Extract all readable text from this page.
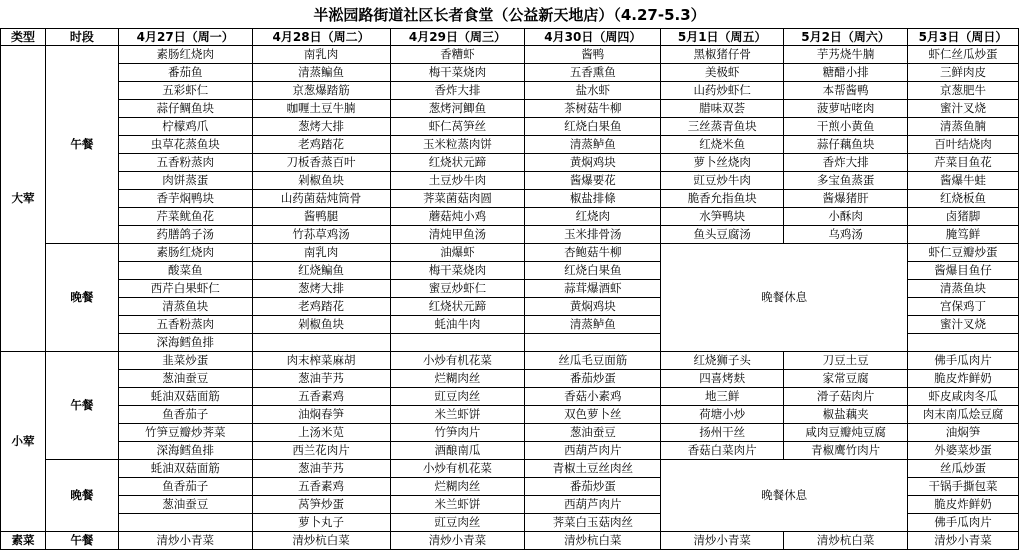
半淞园路街道社区长者食堂（公益新天地店）（4.27-5.3）
类型	时段	4月27日（周一）	4月28日（周二）	4月29日（周三）	4月30日（周四）	5月1日（周五）	5月2日（周六）	5月3日（周日）
大荤	午餐	素肠红烧肉	南乳肉	香糟虾	酱鸭	黑椒猪仔骨	芋艿烧牛腩	虾仁丝瓜炒蛋
		番茄鱼	清蒸鳊鱼	梅干菜烧肉	五香熏鱼	美极虾	糖醋小排	三鲜肉皮
		五彩虾仁	京葱爆踏筋	香炸大排	盐水虾	山药炒虾仁	本帮酱鸭	京葱肥牛
		蒜仔鲷鱼块	咖喱土豆牛腩	葱烤河鲫鱼	茶树菇牛柳	腊味双荟	菠萝咕咾肉	蜜汁叉烧
		柠檬鸡爪	葱烤大排	虾仁莴笋丝	红烧白果鱼	三丝蒸青鱼块	干煎小黄鱼	清蒸鱼腩
		虫草花蒸鱼块	老鸡踏花	玉米粒蒸肉饼	清蒸鲈鱼	红烧米鱼	蒜仔藕鱼块	百叶结烧肉
		五香粉蒸肉	刀板香蒸百叶	红烧状元蹄	黄焖鸡块	萝卜丝烧肉	香炸大排	芹菜目鱼花
		肉饼蒸蛋	剁椒鱼块	土豆炒牛肉	酱爆要花	豇豆炒牛肉	多宝鱼蒸蛋	酱爆牛蛙
		香芋焖鸭块	山药菌菇炖筒骨	荠菜菌菇肉圆	椒盐排條	脆香允指鱼块	酱爆猪肝	红烧板鱼
		芹菜鱿鱼花	酱鸭腿	蘑菇炖小鸡	红烧肉	水笋鸭块	小酥肉	卤猪脚
		药膳鸽子汤	竹荪草鸡汤	清炖甲鱼汤	玉米排骨汤	鱼头豆腐汤	乌鸡汤	腌笃鲜
	晚餐	素肠红烧肉	南乳肉	油爆虾	杏鲍菇牛柳	晚餐休息		虾仁豆瓣炒蛋
		酸菜鱼	红烧鳊鱼	梅干菜烧肉	红烧白果鱼			酱爆目鱼仔
		西芹白果虾仁	葱烤大排	蜜豆炒虾仁	蒜茸爆酒虾			清蒸鱼块
		清蒸鱼块	老鸡踏花	红烧状元蹄	黄焖鸡块			宫保鸡丁
		五香粉蒸肉	剁椒鱼块	蚝油牛肉	清蒸鲈鱼			蜜汁叉烧
		深海鳕鱼排						
小荤	午餐	韭菜炒蛋	肉末榨菜麻胡	小炒有机花菜	丝瓜毛豆面筋	红烧狮子头	刀豆土豆	佛手瓜肉片
		葱油蚕豆	葱油芋艿	烂糊肉丝	番茄炒蛋	四喜烤麸	家常豆腐	脆皮炸鲜奶
		蚝油双菇面筋	五香素鸡	豇豆肉丝	香菇小素鸡	地三鲜	滑子菇肉片	虾皮咸肉冬瓜
		鱼香茄子	油焖春笋	米兰虾饼	双色萝卜丝	荷塘小炒	椒盐藕夹	肉末南瓜烩豆腐
		竹笋豆瓣炒荠菜	上汤米苋	竹笋肉片	葱油蚕豆	扬州干丝	咸肉豆瓣炖豆腐	油焖笋
		深海鳕鱼排	西兰花肉片	酒酿南瓜	西葫芦肉片	香菇白菜肉片	青椒鹰竹肉片	外婆菜炒蛋
	晚餐	蚝油双菇面筋	葱油芋艿	小炒有机花菜	青椒土豆丝肉丝	晚餐休息		丝瓜炒蛋
		鱼香茄子	五香素鸡	烂糊肉丝	番茄炒蛋			干锅手撕包菜
		葱油蚕豆	莴笋炒蛋	米兰虾饼	西葫芦肉片			脆皮炸鲜奶
			萝卜丸子	豇豆肉丝	荠菜白玉菇肉丝			佛手瓜肉片
素菜	午餐	清炒小青菜	清炒杭白菜	清炒小青菜	清炒杭白菜	清炒小青菜	清炒杭白菜	清炒小青菜
